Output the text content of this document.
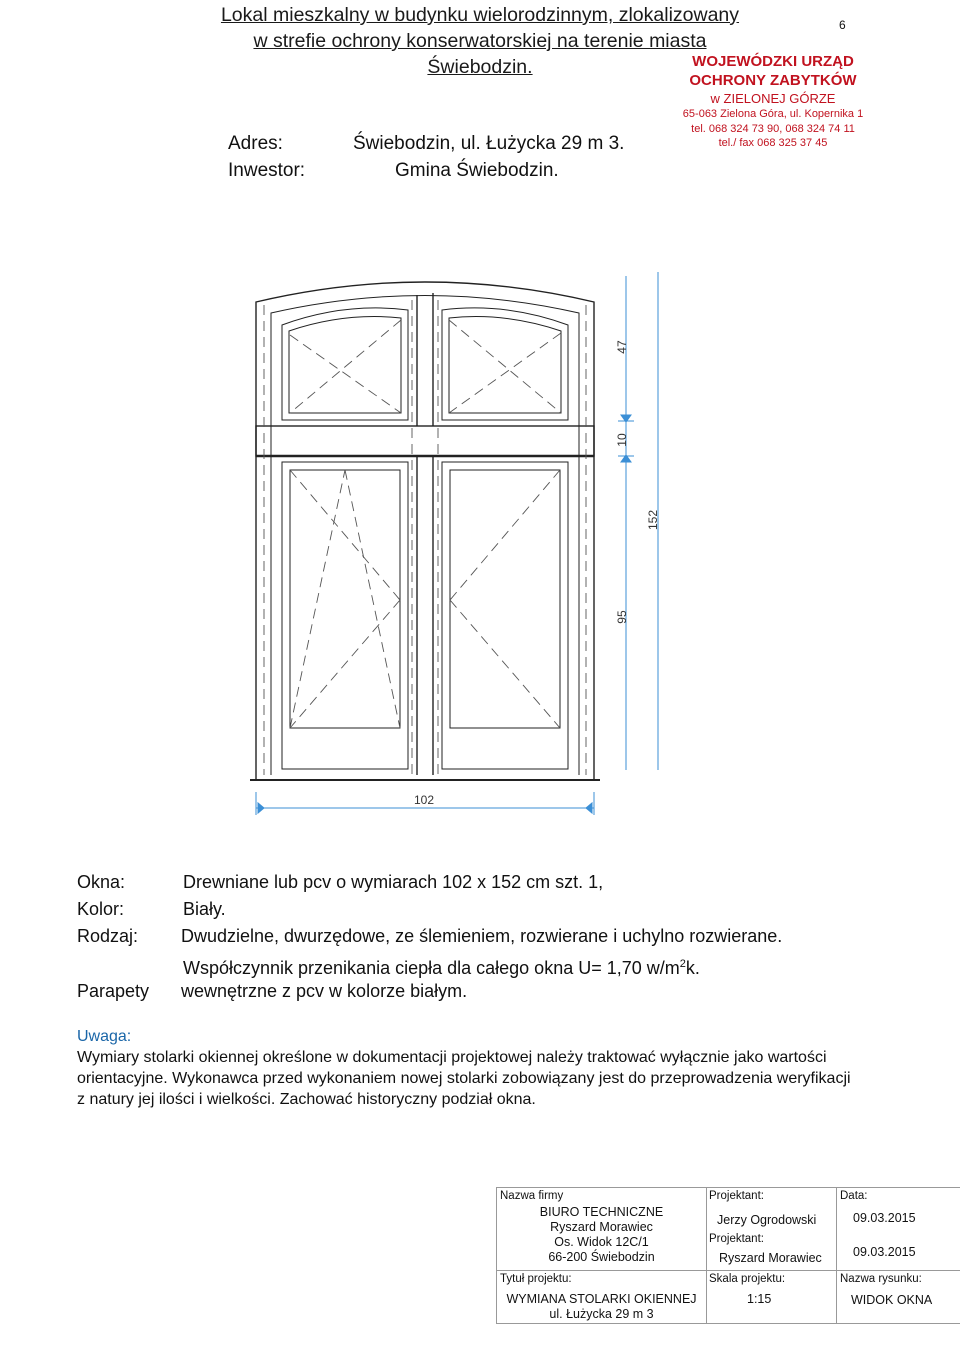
Lokal mieszkalny w budynku wielorodzinnym, zlokalizowany
w strefie ochrony konserwatorskiej na terenie miasta
Świebodzin.
6
Adres:	Świebodzin, ul. Łużycka 29 m 3.
Inwestor:	Gmina Świebodzin.
WOJEWÓDZKI URZĄD
OCHRONY ZABYTKÓW
w ZIELONEJ GÓRZE
65-063 Zielona Góra, ul. Kopernika 1
tel. 068 324 73 90, 068 324 74 11
tel./ fax 068 325 37 45
47
10
95
152
102
Okna:	Drewniane lub pcv o wymiarach 102 x 152 cm szt. 1,
Kolor:	Biały.
Rodzaj: Dwudzielne, dwurzędowe, ze ślemieniem, rozwierane i uchylno rozwierane.
Współczynnik przenikania ciepła dla całego okna U= 1,70 $w/m^2k$.
Parapety wewnętrzne z pcv w kolorze białym.
Uwaga:
Wymiary stolarki okiennej określone w dokumentacji projektowej należy traktować wyłącznie jako wartości
orientacyjne. Wykonawca przed wykonaniem nowej stolarki zobowiązany jest do przeprowadzenia weryfikacji
z natury jej ilości i wielkości. Zachować historyczny podział okna.
Nazwa firmy
BIURO TECHNICZNE
Ryszard Morawiec
Os. Widok 12C/1
66-200 Świebodzin
Projektant:
Jerzy Ogrodowski
Projektant:
Ryszard Morawiec
Data:
09.03.2015
09.03.2015
Tytuł projektu:
WYMIANA STOLARKI OKIENNEJ
ul. Łużycka 29 m 3
Skala projektu:
1:15
Nazwa rysunku:
WIDOK OKNA
